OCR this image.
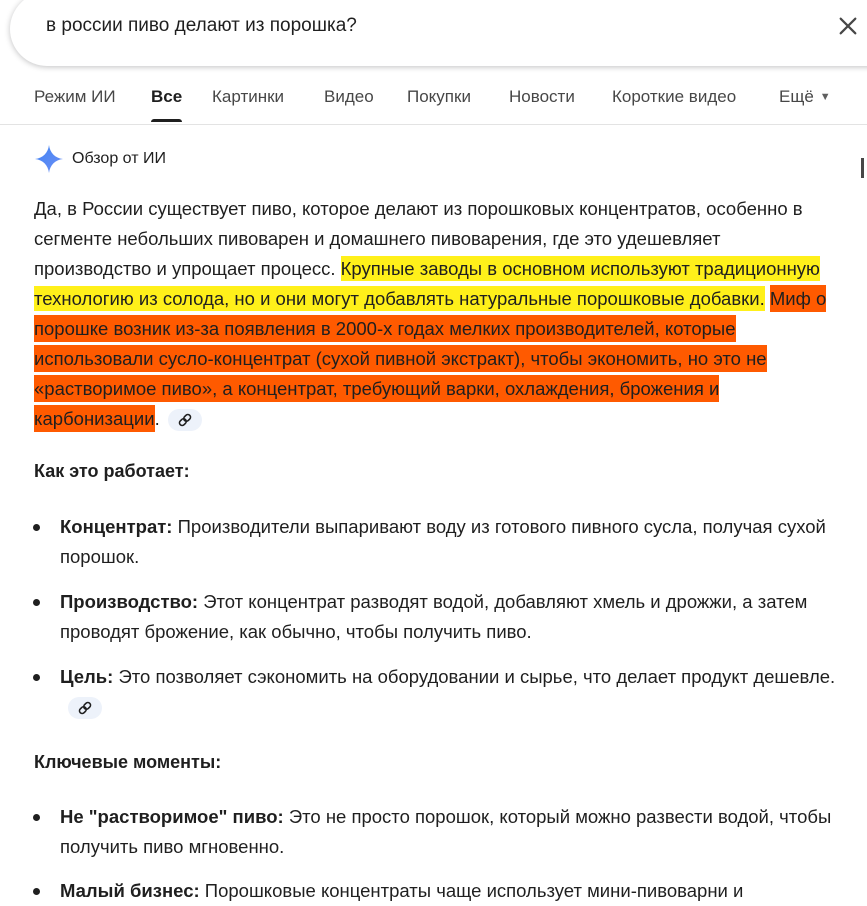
в россии пиво делают из порошка?
Режим ИИ Все Картинки Видео Покупки Новости Короткие видео	Ещё ▼
Обзор от ИИ
Да, в России существует пиво, которое делают из порошковых концентратов, особенно в сегменте небольших пивоварен и домашнего пивоварения, где это удешевляет производство и упрощает процесс. Крупные заводы в основном используют традиционную технологию из солода, но и они могут добавлять натуральные порошковые добавки. Миф о порошке возник из-за появления в 2000-х годах мелких производителей, которые использовали сусло-концентрат (сухой пивной экстракт), чтобы экономить, но это не «растворимое пиво», а концентрат, требующий варки, охлаждения, брожения и карбонизации.
Как это работает:
Концентрат: Производители выпаривают воду из готового пивного сусла, получая сухой порошок.
Производство: Этот концентрат разводят водой, добавляют хмель и дрожжи, а затем проводят брожение, как обычно, чтобы получить пиво.
Цель: Это позволяет сэкономить на оборудовании и сырье, что делает продукт дешевле.
Ключевые моменты:
Не "растворимое" пиво: Это не просто порошок, который можно развести водой, чтобы получить пиво мгновенно.
Малый бизнес: Порошковые концентраты чаще использует мини-пивоварни и
